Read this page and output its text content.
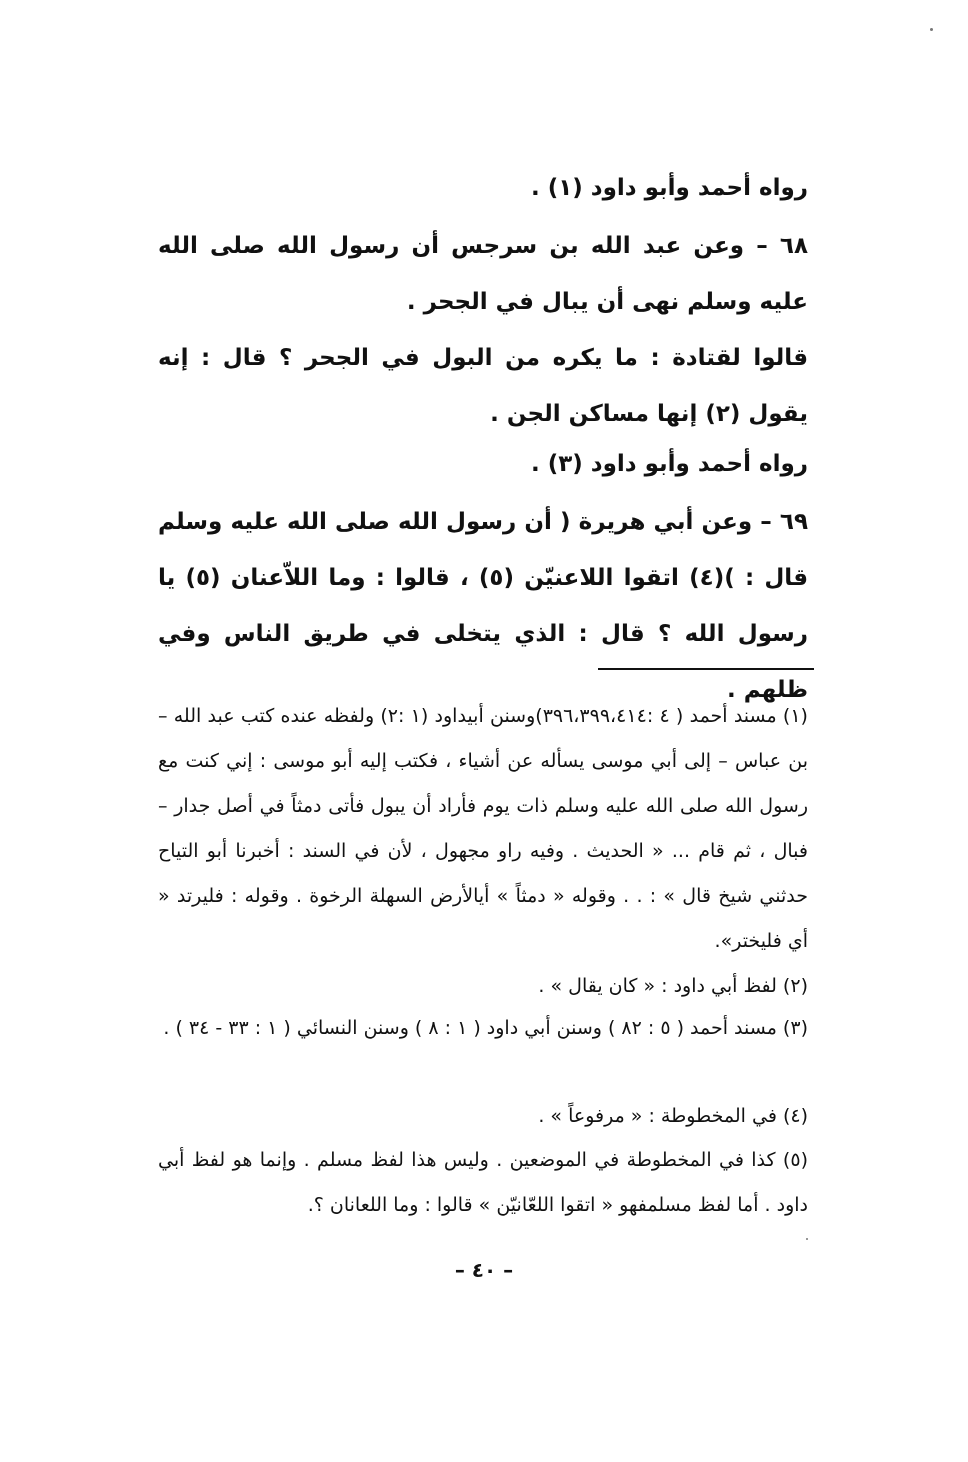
رواه أحمد وأبو داود (١) .
٦٨ – وعن عبد الله بن سرجس أن رسول الله صلى الله عليه وسلم نهى أن يبال في الجحر .
قالوا لقتادة : ما يكره من البول في الجحر ؟ قال : إنه يقول (٢) إنها مساكن الجن .
رواه أحمد وأبو داود (٣) .
٦٩ – وعن أبي هريرة ( أن رسول الله صلى الله عليه وسلم قال : )(٤) اتقوا اللاعنيّن (٥) ، قالوا : وما اللاّعنان (٥) يا رسول الله ؟ قال : الذي يتخلى في طريق الناس وفي ظلهم .
(١) مسند أحمد ( ٤ :٣٩٦،٣٩٩،٤١٤)وسنن أبيداود (١ :٢) ولفظه عنده كتب عبد الله – بن عباس – إلى أبي موسى يسأله عن أشياء ، فكتب إليه أبو موسى : إني كنت مع رسول الله صلى الله عليه وسلم ذات يوم فأراد أن يبول فأتى دمثاً في أصل جدار – فبال ، ثم قام ... « الحديث . وفيه راو مجهول ، لأن في السند : أخبرنا أبو التياح حدثني شيخ قال » : . . وقوله « دمثاً » أيالأرض السهلة الرخوة . وقوله : فليرتد « أي فليختر».
(٢) لفظ أبي داود : « كان يقال » .
(٣) مسند أحمد ( ٥ : ٨٢ ) وسنن أبي داود ( ١ : ٨ ) وسنن النسائي ( ١ : ٣٣ - ٣٤ ) .
(٤) في المخطوطة : « مرفوعاً » .
(٥) كذا في المخطوطة في الموضعين . وليس هذا لفظ مسلم . وإنما هو لفظ أبي داود . أما لفظ مسلمفهو « اتقوا اللعّانيّن » قالوا : وما اللعانان ؟.
– ٤٠ –
